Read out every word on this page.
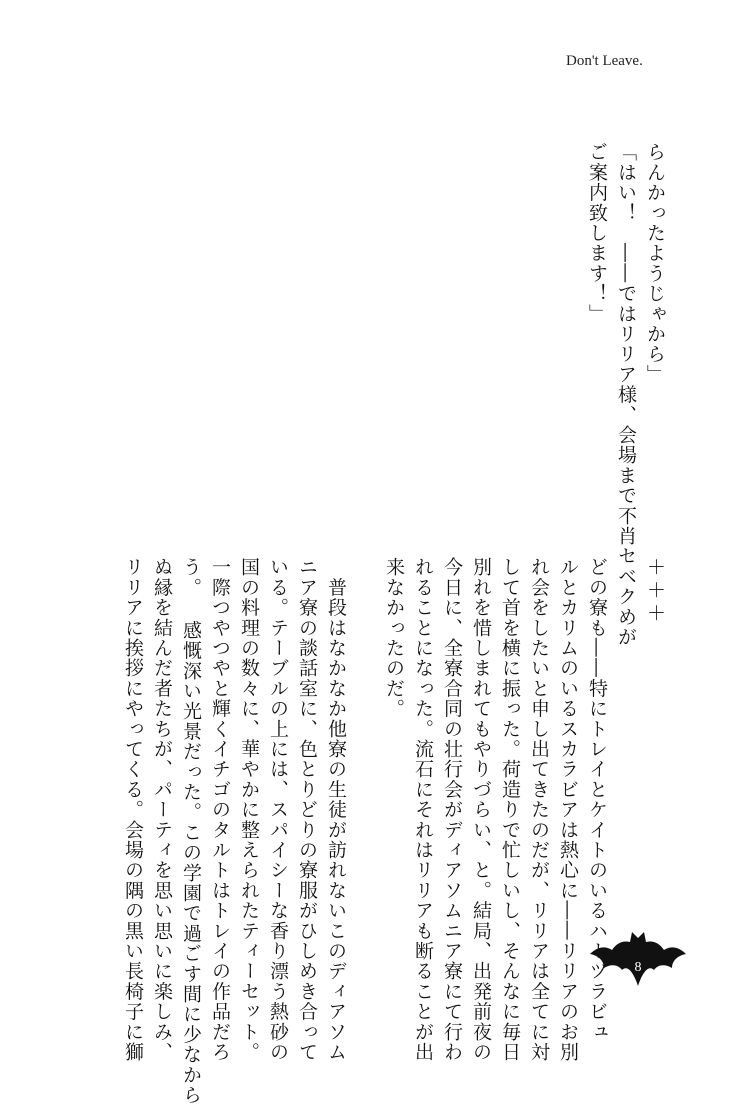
Don't Leave.
らんかったようじゃから」
「はい！　――ではリリア様、会場まで不肖セベクめが
ご案内致します！」
＋＋＋
どの寮も――特にトレイとケイトのいるハーツラビュ
ルとカリムのいるスカラビアは熱心に――リリアのお別
れ会をしたいと申し出てきたのだが、リリアは全てに対
して首を横に振った。荷造りで忙しいし、そんなに毎日
別れを惜しまれてもやりづらい、と。結局、出発前夜の
今日に、全寮合同の壮行会がディアソムニア寮にて行わ
れることになった。流石にそれはリリアも断ることが出
来なかったのだ。
　普段はなかなか他寮の生徒が訪れないこのディアソム
ニア寮の談話室に、色とりどりの寮服がひしめき合って
いる。テーブルの上には、スパイシーな香り漂う熱砂の
国の料理の数々に、華やかに整えられたティーセット。
一際つやつやと輝くイチゴのタルトはトレイの作品だろ
う。
　感慨深い光景だった。この学園で過ごす間に少なから
ぬ縁を結んだ者たちが、パーティを思い思いに楽しみ、
リリアに挨拶にやってくる。会場の隅の黒い長椅子に獅	8
